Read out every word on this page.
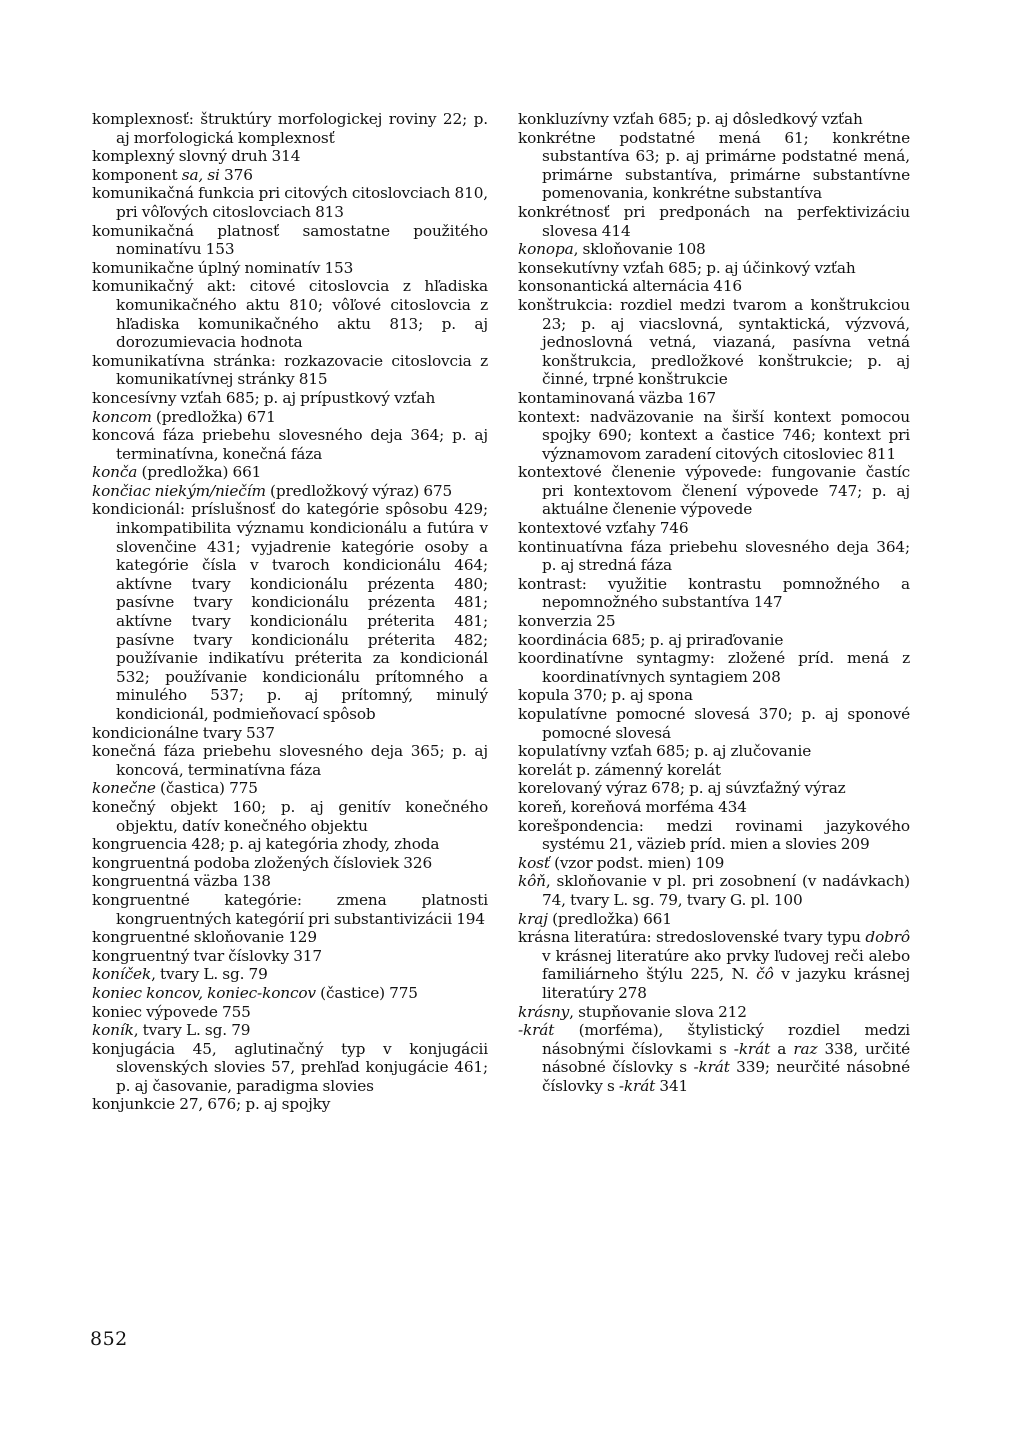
komplexnosť: štruktúry morfologickej roviny 22; p. aj morfologická komplexnosť

komplexný slovný druh 314

komponent sa, si 376

komunikačná funkcia pri citových citoslovciach 810, pri vôľových citoslovciach 813

komunikačná platnosť samostatne použitého nominatívu 153

komunikačne úplný nominatív 153

komunikačný akt: citové citoslovcia z hľadiska komunikačného aktu 810; vôľové citoslovcia z hľadiska komunikačného aktu 813; p. aj dorozumievacia hodnota

komunikatívna stránka: rozkazovacie citoslovcia z komunikatívnej stránky 815

koncesívny vzťah 685; p. aj prípustkový vzťah

koncom (predložka) 671

koncová fáza priebehu slovesného deja 364; p. aj terminatívna, konečná fáza

konča (predložka) 661

končiac niekým/niečím (predložkový výraz) 675

kondicionál: príslušnosť do kategórie spôsobu 429; inkompatibilita významu kondicionálu a futúra v slovenčine 431; vyjadrenie kategórie osoby a kategórie čísla v tvaroch kondicionálu 464; aktívne tvary kondicionálu prézenta 480; pasívne tvary kondicionálu prézenta 481; aktívne tvary kondicionálu préterita 481; pasívne tvary kondicionálu préterita 482; používanie indikatívu préterita za kondicionál 532; používanie kondicionálu prítomného a minulého 537; p. aj prítomný, minulý kondicionál, podmieňovací spôsob

kondicionálne tvary 537

konečná fáza priebehu slovesného deja 365; p. aj koncová, terminatívna fáza

konečne (častica) 775

konečný objekt 160; p. aj genitív konečného objektu, datív konečného objektu

kongruencia 428; p. aj kategória zhody, zhoda

kongruentná podoba zložených čísloviek 326

kongruentná väzba 138

kongruentné kategórie: zmena platnosti kongruentných kategórií pri substantivizácii 194

kongruentné skloňovanie 129

kongruentný tvar číslovky 317

koníček, tvary L. sg. 79

koniec koncov, koniec-koncov (častice) 775

koniec výpovede 755

koník, tvary L. sg. 79

konjugácia 45, aglutinačný typ v konjugácii slovenských slovies 57, prehľad konjugácie 461; p. aj časovanie, paradigma slovies

konjunkcie 27, 676; p. aj spojky

konkluzívny vzťah 685; p. aj dôsledkový vzťah

konkrétne podstatné mená 61; konkrétne substantíva 63; p. aj primárne podstatné mená, primárne substantíva, primárne substantívne pomenovania, konkrétne substantíva

konkrétnosť pri predponách na perfektivizáciu slovesa 414

konopa, skloňovanie 108

konsekutívny vzťah 685; p. aj účinkový vzťah

konsonantická alternácia 416

konštrukcia: rozdiel medzi tvarom a konštrukciou 23; p. aj viacslovná, syntaktická, výzvová, jednoslovná vetná, viazaná, pasívna vetná konštrukcia, predložkové konštrukcie; p. aj činné, trpné konštrukcie

kontaminovaná väzba 167

kontext: nadväzovanie na širší kontext pomocou spojky 690; kontext a častice 746; kontext pri významovom zaradení citových citosloviec 811

kontextové členenie výpovede: fungovanie častíc pri kontextovom členení výpovede 747; p. aj aktuálne členenie výpovede

kontextové vzťahy 746

kontinuatívna fáza priebehu slovesného deja 364; p. aj stredná fáza

kontrast: využitie kontrastu pomnožného a nepomnožného substantíva 147

konverzia 25

koordinácia 685; p. aj priraďovanie

koordinatívne syntagmy: zložené príd. mená z koordinatívnych syntagiem 208

kopula 370; p. aj spona

kopulatívne pomocné slovesá 370; p. aj sponové pomocné slovesá

kopulatívny vzťah 685; p. aj zlučovanie

korelát p. zámenný korelát

korelovaný výraz 678; p. aj súvzťažný výraz

koreň, koreňová morféma 434

korešpondencia: medzi rovinami jazykového systému 21, väzieb príd. mien a slovies 209

kosť (vzor podst. mien) 109

kôň, skloňovanie v pl. pri zosobnení (v nadávkach) 74, tvary L. sg. 79, tvary G. pl. 100

kraj (predložka) 661

krásna literatúra: stredoslovenské tvary typu dobrô v krásnej literatúre ako prvky ľudovej reči alebo familiárneho štýlu 225, N. čô v jazyku krásnej literatúry 278

krásny, stupňovanie slova 212

-krát (morféma), štylistický rozdiel medzi násobnými číslovkami s -krát a raz 338, určité násobné číslovky s -krát 339; neurčité násobné číslovky s -krát 341

852
